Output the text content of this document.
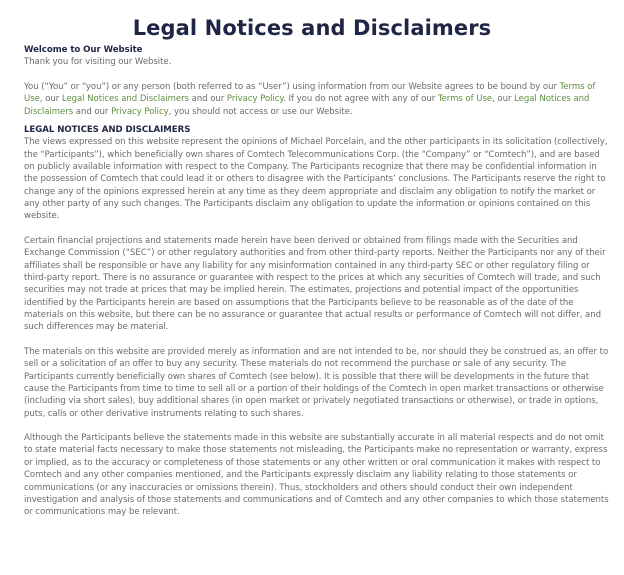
Legal Notices and Disclaimers
Welcome to Our Website

Thank you for visiting our Website.

You (“You” or “you”) or any person (both referred to as “User”) using information from our Website agrees to be bound by our Terms of Use, our Legal Notices and Disclaimers and our Privacy Policy. If you do not agree with any of our Terms of Use, our Legal Notices and Disclaimers and our Privacy Policy, you should not access or use our Website.

LEGAL NOTICES AND DISCLAIMERS

The views expressed on this website represent the opinions of Michael Porcelain, and the other participants in its solicitation (collectively, the “Participants”), which beneficially own shares of Comtech Telecommunications Corp. (the “Company” or “Comtech”), and are based on publicly available information with respect to the Company. The Participants recognize that there may be confidential information in the possession of Comtech that could lead it or others to disagree with the Participants’ conclusions. The Participants reserve the right to change any of the opinions expressed herein at any time as they deem appropriate and disclaim any obligation to notify the market or any other party of any such changes. The Participants disclaim any obligation to update the information or opinions contained on this website.

Certain financial projections and statements made herein have been derived or obtained from filings made with the Securities and Exchange Commission (“SEC”) or other regulatory authorities and from other third-party reports. Neither the Participants nor any of their affiliates shall be responsible or have any liability for any misinformation contained in any third-party SEC or other regulatory filing or third-party report. There is no assurance or guarantee with respect to the prices at which any securities of Comtech will trade, and such securities may not trade at prices that may be implied herein. The estimates, projections and potential impact of the opportunities identified by the Participants herein are based on assumptions that the Participants believe to be reasonable as of the date of the materials on this website, but there can be no assurance or guarantee that actual results or performance of Comtech will not differ, and such differences may be material.

The materials on this website are provided merely as information and are not intended to be, nor should they be construed as, an offer to sell or a solicitation of an offer to buy any security. These materials do not recommend the purchase or sale of any security. The Participants currently beneficially own shares of Comtech (see below). It is possible that there will be developments in the future that cause the Participants from time to time to sell all or a portion of their holdings of the Comtech in open market transactions or otherwise (including via short sales), buy additional shares (in open market or privately negotiated transactions or otherwise), or trade in options, puts, calls or other derivative instruments relating to such shares.

Although the Participants believe the statements made in this website are substantially accurate in all material respects and do not omit to state material facts necessary to make those statements not misleading, the Participants make no representation or warranty, express or implied, as to the accuracy or completeness of those statements or any other written or oral communication it makes with respect to Comtech and any other companies mentioned, and the Participants expressly disclaim any liability relating to those statements or communications (or any inaccuracies or omissions therein). Thus, stockholders and others should conduct their own independent investigation and analysis of those statements and communications and of Comtech and any other companies to which those statements or communications may be relevant.
